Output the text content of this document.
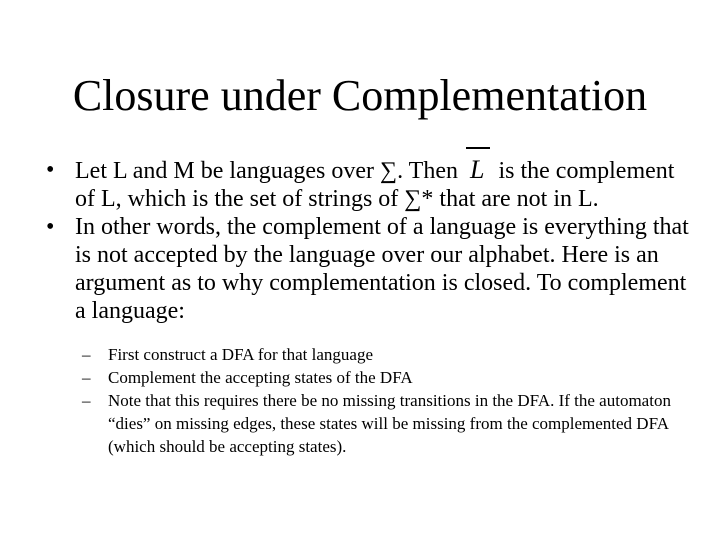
Closure under Complementation
• Let L and M be languages over ∑. Then L is the complement of L, which is the set of strings of ∑* that are not in L.
• In other words, the complement of a language is everything that is not accepted by the language over our alphabet. Here is an argument as to why complementation is closed. To complement a language:
– First construct a DFA for that language
– Complement the accepting states of the DFA
– Note that this requires there be no missing transitions in the DFA. If the automaton “dies” on missing edges, these states will be missing from the complemented DFA (which should be accepting states).
